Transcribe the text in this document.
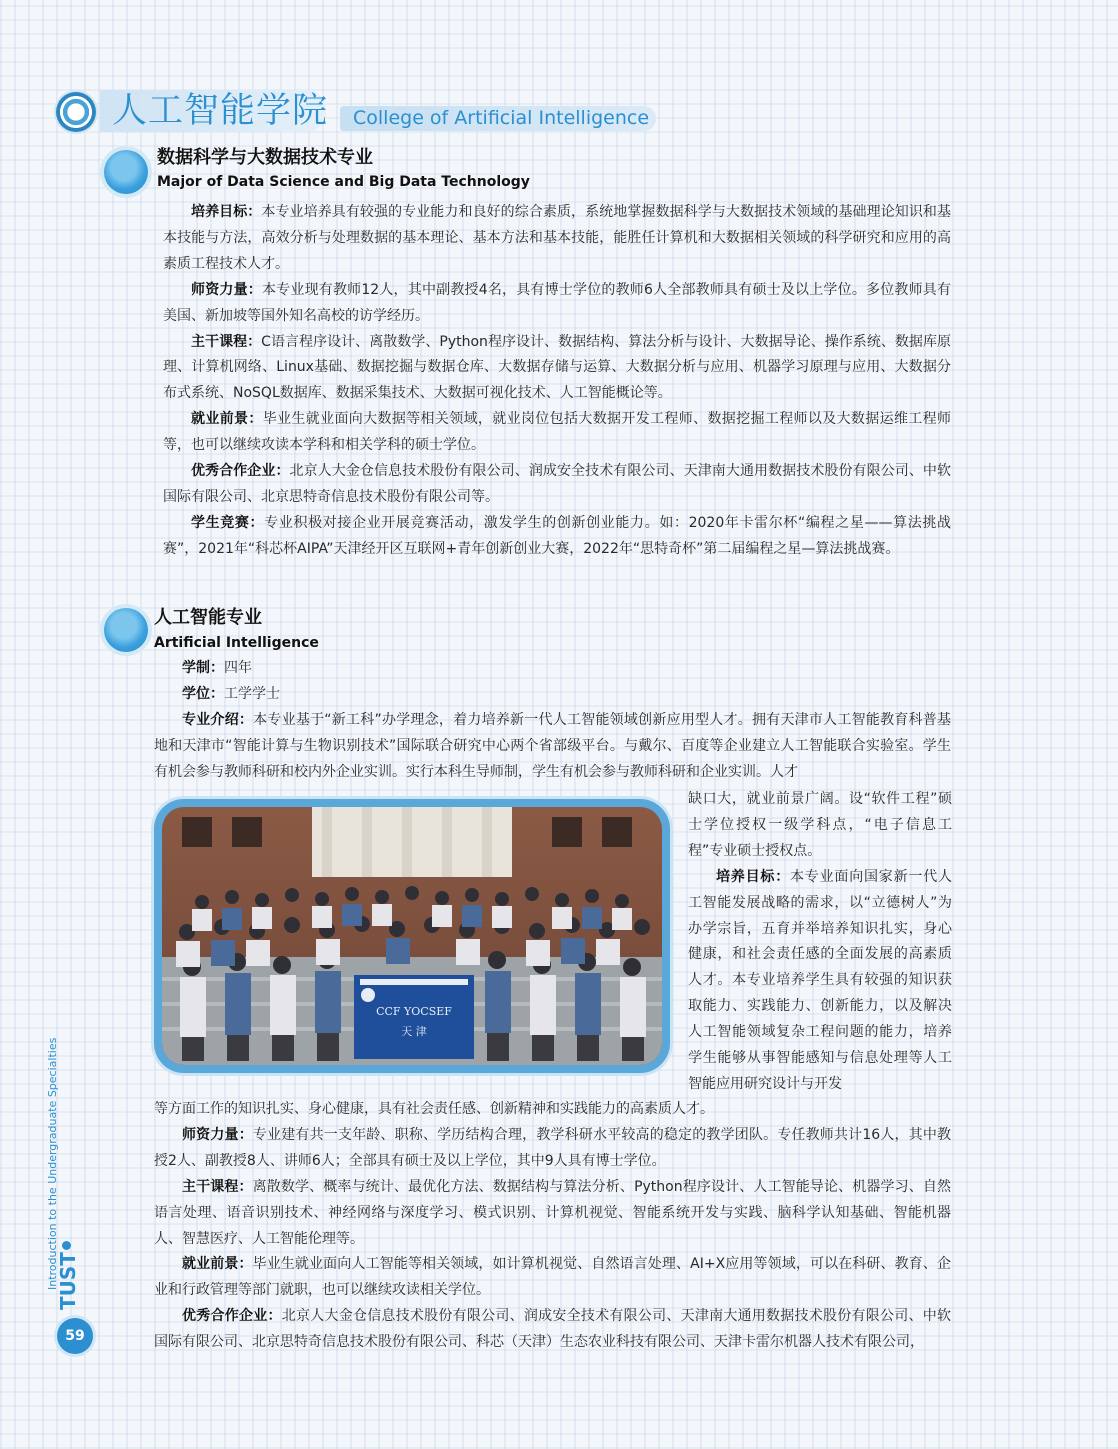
人工智能学院 College of Artificial Intelligence
数据科学与大数据技术专业
Major of Data Science and Big Data Technology

培养目标：本专业培养具有较强的专业能力和良好的综合素质，系统地掌握数据科学与大数据技术领域的基础理论知识和基本技能与方法，高效分析与处理数据的基本理论、基本方法和基本技能，能胜任计算机和大数据相关领域的科学研究和应用的高素质工程技术人才。

师资力量：本专业现有教师12人，其中副教授4名，具有博士学位的教师6人全部教师具有硕士及以上学位。多位教师具有美国、新加坡等国外知名高校的访学经历。

主干课程：C语言程序设计、离散数学、Python程序设计、数据结构、算法分析与设计、大数据导论、操作系统、数据库原理、计算机网络、Linux基础、数据挖掘与数据仓库、大数据存储与运算、大数据分析与应用、机器学习原理与应用、大数据分布式系统、NoSQL数据库、数据采集技术、大数据可视化技术、人工智能概论等。

就业前景：毕业生就业面向大数据等相关领域，就业岗位包括大数据开发工程师、数据挖掘工程师以及大数据运维工程师等，也可以继续攻读本学科和相关学科的硕士学位。

优秀合作企业：北京人大金仓信息技术股份有限公司、润成安全技术有限公司、天津南大通用数据技术股份有限公司、中软国际有限公司、北京思特奇信息技术股份有限公司等。

学生竞赛：专业积极对接企业开展竞赛活动，激发学生的创新创业能力。如：2020年卡雷尔杯“编程之星——算法挑战赛”，2021年“科芯杯AIPA”天津经开区互联网+青年创新创业大赛，2022年“思特奇杯”第二届编程之星—算法挑战赛。

人工智能专业
Artificial Intelligence

学制：四年

学位：工学学士

专业介绍：本专业基于“新工科”办学理念，着力培养新一代人工智能领域创新应用型人才。拥有天津市人工智能教育科普基地和天津市“智能计算与生物识别技术”国际联合研究中心两个省部级平台。与戴尔、百度等企业建立人工智能联合实验室。学生有机会参与教师科研和校内外企业实训。实行本科生导师制，学生有机会参与教师科研和企业实训。人才

CCF YOCSEF
天 津

缺口大，就业前景广阔。设“软件工程”硕士学位授权一级学科点，“电子信息工程”专业硕士授权点。

培养目标：本专业面向国家新一代人工智能发展战略的需求，以“立德树人”为办学宗旨，五育并举培养知识扎实，身心健康，和社会责任感的全面发展的高素质人才。本专业培养学生具有较强的知识获取能力、实践能力、创新能力，以及解决人工智能领域复杂工程问题的能力，培养学生能够从事智能感知与信息处理等人工智能应用研究设计与开发

等方面工作的知识扎实、身心健康，具有社会责任感、创新精神和实践能力的高素质人才。

师资力量：专业建有共一支年龄、职称、学历结构合理，教学科研水平较高的稳定的教学团队。专任教师共计16人，其中教授2人、副教授8人、讲师6人；全部具有硕士及以上学位，其中9人具有博士学位。

主干课程：离散数学、概率与统计、最优化方法、数据结构与算法分析、Python程序设计、人工智能导论、机器学习、自然语言处理、语音识别技术、神经网络与深度学习、模式识别、计算机视觉、智能系统开发与实践、脑科学认知基础、智能机器人、智慧医疗、人工智能伦理等。

就业前景：毕业生就业面向人工智能等相关领域，如计算机视觉、自然语言处理、AI+X应用等领域，可以在科研、教育、企业和行政管理等部门就职，也可以继续攻读相关学位。

优秀合作企业：北京人大金仓信息技术股份有限公司、润成安全技术有限公司、天津南大通用数据技术股份有限公司、中软国际有限公司、北京思特奇信息技术股份有限公司、科芯（天津）生态农业科技有限公司、天津卡雷尔机器人技术有限公司，

Introduction to the Undergraduate Specialties
TUST
59
